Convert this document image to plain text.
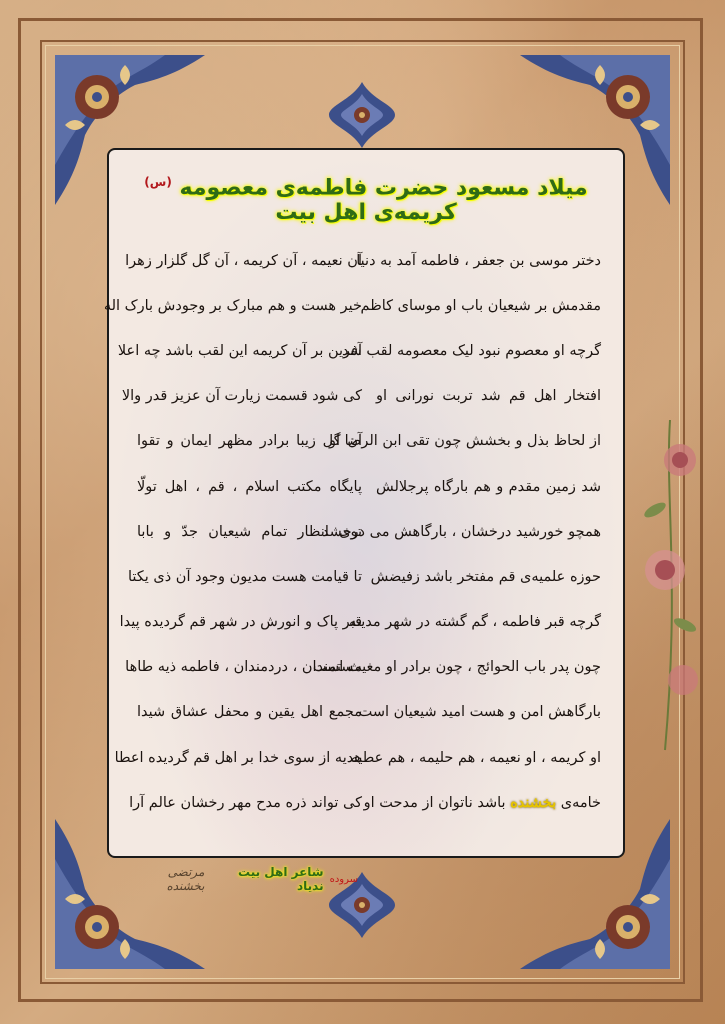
میلاد مسعود حضرت فاطمه‌ی معصومه $^{(س)}$ کریمه‌ی اهل بیت
دختر موسی بن جعفر ، فاطمه آمد به دنیا
آن نعیمه ، آن کریمه ، آن گل گلزار زهرا
مقدمش بر شیعیان باب او موسای کاظم
خیر هست و هم مبارک بر وجودش بارک اله
گرچه او معصوم نبود لیک معصومه لقب شد
آفرین بر آن کریمه این لقب باشد چه اعلا
افتخار اهل قم شد تربت نورانی او
کی شود قسمت زیارت آن عزیز قدر والا
از لحاظ بذل و بخشش چون تقی ابن الرضا او
آن گل زیبا برادر مظهر ایمان و تقوا
شد زمین مقدم و هم بارگاه پرجلالش
پایگاه مکتب اسلام ، قم ، اهل تولّا
همچو خورشید درخشان ، بارگاهش می درخشد
توی انظار تمام شیعیان جدّ و بابا
حوزه علمیه‌ی قم مفتخر باشد زفیضش
تا قیامت هست مدیون وجود آن ذی یکتا
گرچه قبر فاطمه ، گم گشته در شهر مدینه
قبر پاک و انورش در شهر قم گردیده پیدا
چون پدر باب الحوائج ، چون برادر او مغیث است
مستمندان ، دردمندان ، فاطمه ذیه طاها
بارگاهش امن و هست امید شیعیان است
مجمع اهل یقین و محفل عشاق شیدا
او کریمه ، او نعیمه ، هم حلیمه ، هم عطیه
هدیه از سوی خدا بر اهل قم گردیده اعطا
خامه‌ی بخشنده باشد ناتوان از مدحت او
کی تواند ذره مدح مهر رخشان عالم آرا
سروده
شاعر اهل بیت ندیاد
مرتضی بخشنده
